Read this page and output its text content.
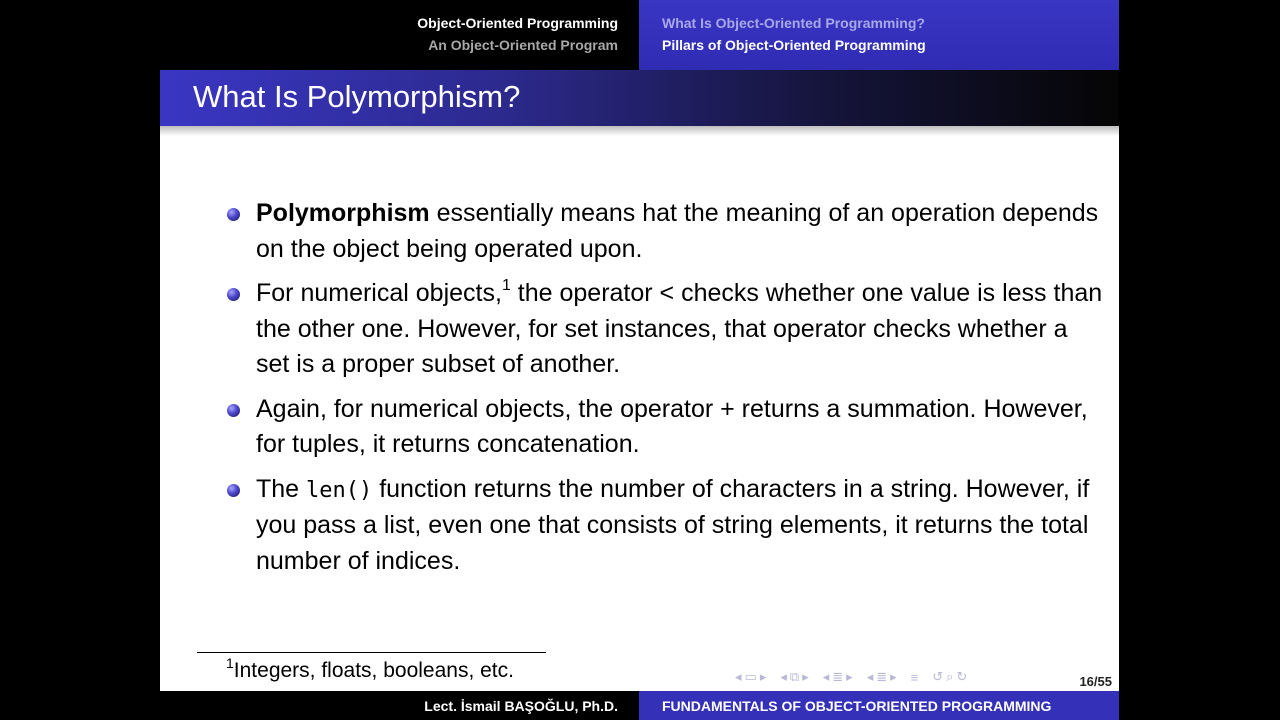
Object-Oriented Programming
An Object-Oriented Program
What Is Object-Oriented Programming?
Pillars of Object-Oriented Programming
What Is Polymorphism?
Polymorphism essentially means hat the meaning of an operation depends on the object being operated upon.
For numerical objects,$^1$ the operator < checks whether one value is less than the other one. However, for set instances, that operator checks whether a set is a proper subset of another.
Again, for numerical objects, the operator + returns a summation. However, for tuples, it returns concatenation.
The len() function returns the number of characters in a string. However, if you pass a list, even one that consists of string elements, it returns the total number of indices.
$^1$Integers, floats, booleans, etc.	◂ ▭ ▸ ◂ ⧉ ▸ ◂ ≣ ▸ ◂ ≣ ▸ ≡ ↺ ⌕ ↻	16/55
Lect. İsmail BAŞOĞLU, Ph.D.	FUNDAMENTALS OF OBJECT-ORIENTED PROGRAMMING
